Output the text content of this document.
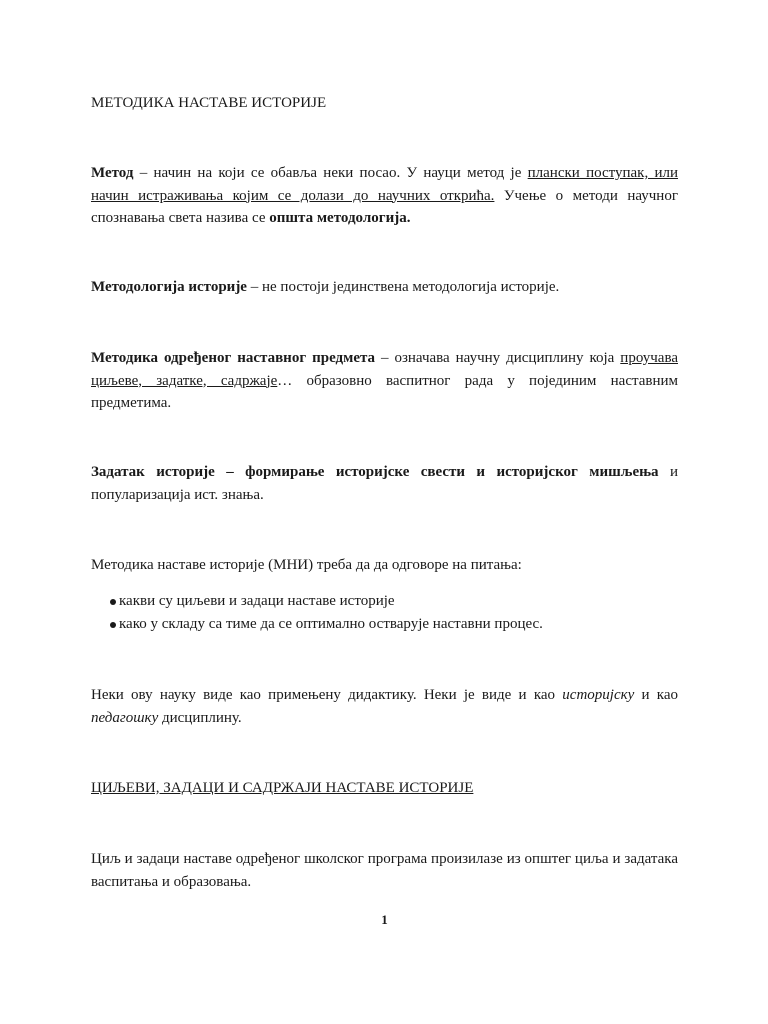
МЕТОДИКА НАСТАВЕ ИСТОРИЈЕ

Метод – начин на који се обавља неки посао. У науци метод је плански поступак, или начин истраживања којим се долази до научних открића. Учење о методи научног спознавања света назива се општа методологија.

Методологија историје – не постоји јединствена методологија историје.

Методика одређеног наставног предмета – означава научну дисциплину која проучава циљеве, задатке, садржаје… образовно васпитног рада у појединим наставним предметима.

Задатак историје – формирање историјске свести и историјског мишљења и популаризација ист. знања.

Методика наставе историје (МНИ) треба да да одговоре на питања:

какви су циљеви и задаци наставе историје
како у складу са тиме да се оптимално остварује наставни процес.

Неки ову науку виде као примењену дидактику. Неки је виде и као историјску и као педагошку дисциплину.

ЦИЉЕВИ, ЗАДАЦИ И САДРЖАЈИ НАСТАВЕ ИСТОРИЈЕ

Циљ и задаци наставе одређеног школског програма произилазе из општег циља и задатака васпитања и образовања.

1
